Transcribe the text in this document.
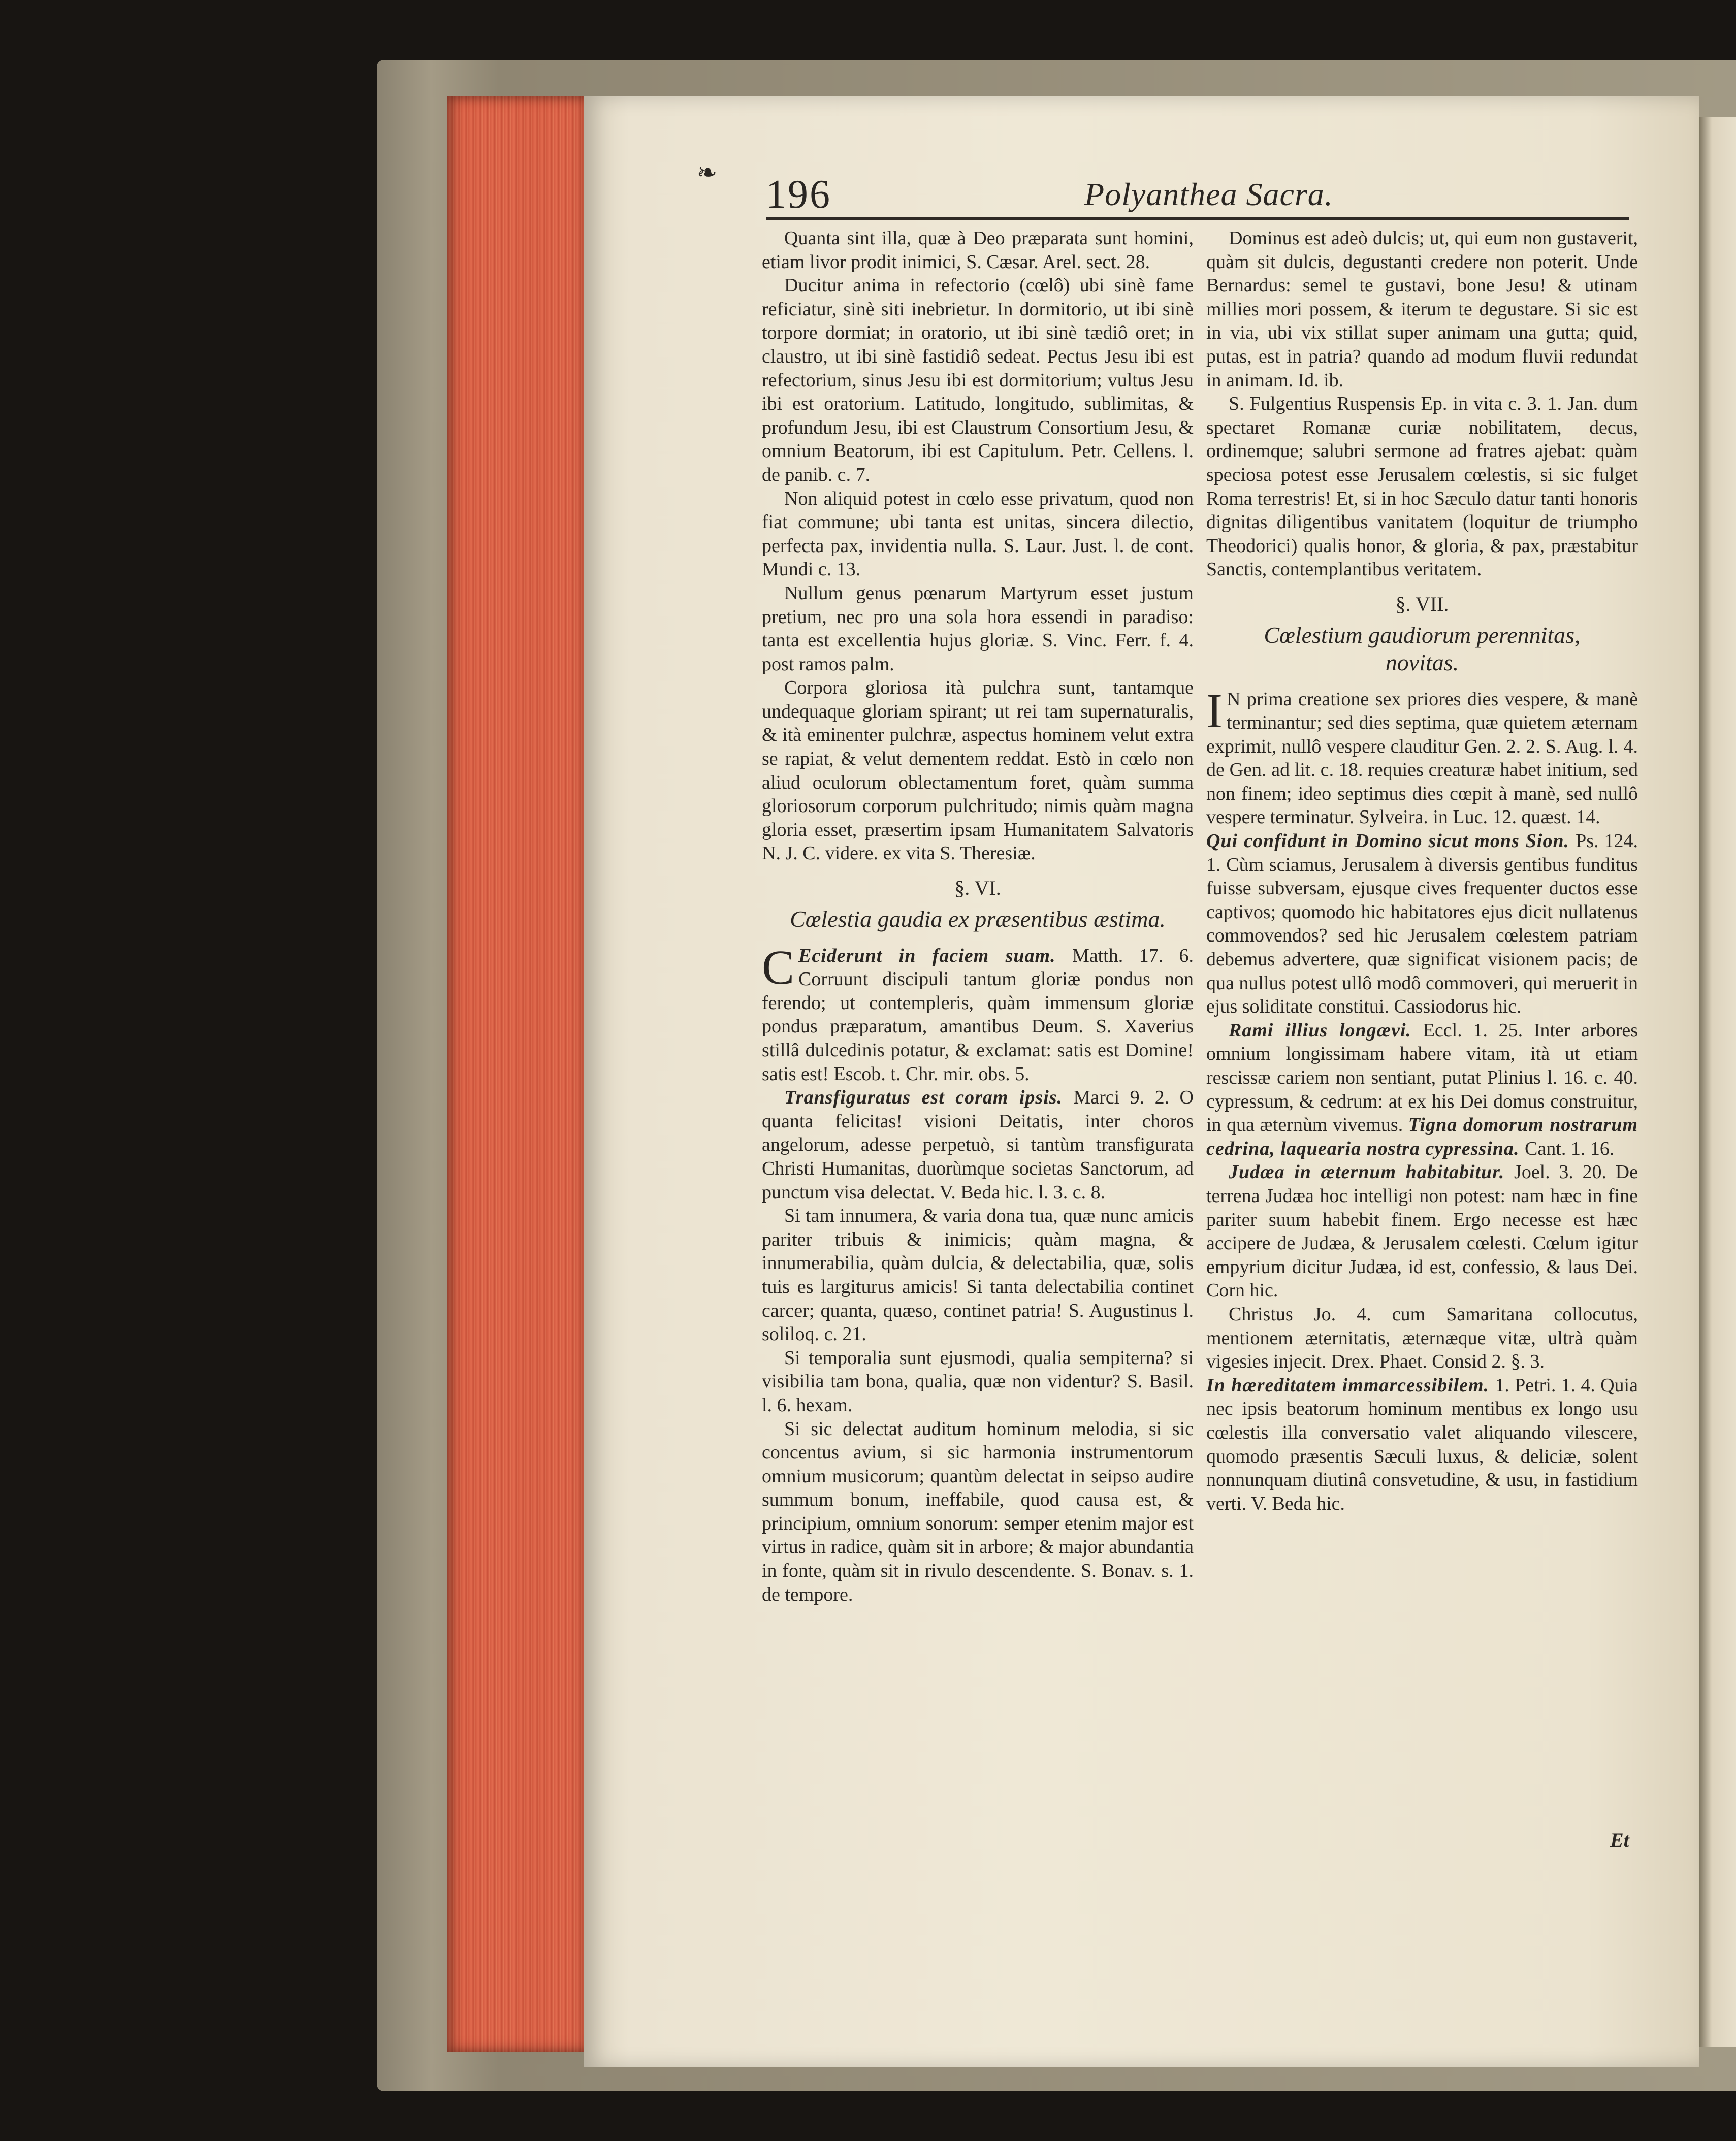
❧ 196	Polyanthea Sacra.

Quanta sint illa, quæ à Deo præparata sunt homini, etiam livor prodit inimici, S. Cæsar. Arel. sect. 28.

Ducitur anima in refectorio (cœlô) ubi sinè fame reficiatur, sinè siti inebrietur. In dormitorio, ut ibi sinè torpore dormiat; in oratorio, ut ibi sinè tædiô oret; in claustro, ut ibi sinè fastidiô sedeat. Pectus Jesu ibi est refectorium, sinus Jesu ibi est dormitorium; vultus Jesu ibi est oratorium. Latitudo, longitudo, sublimitas, & profundum Jesu, ibi est Claustrum Consortium Jesu, & omnium Beatorum, ibi est Capitulum. Petr. Cellens. l. de panib. c. 7.

Non aliquid potest in cœlo esse privatum, quod non fiat commune; ubi tanta est unitas, sincera dilectio, perfecta pax, invidentia nulla. S. Laur. Just. l. de cont. Mundi c. 13.

Nullum genus pœnarum Martyrum esset justum pretium, nec pro una sola hora essendi in paradiso: tanta est excellentia hujus gloriæ. S. Vinc. Ferr. f. 4. post ramos palm.

Corpora gloriosa ità pulchra sunt, tantamque undequaque gloriam spirant; ut rei tam supernaturalis, & ità eminenter pulchræ, aspectus hominem velut extra se rapiat, & velut dementem reddat. Estò in cœlo non aliud oculorum oblectamentum foret, quàm summa gloriosorum corporum pulchritudo; nimis quàm magna gloria esset, præsertim ipsam Humanitatem Salvatoris N. J. C. videre. ex vita S. Theresiæ.

§. VI.
Cœlestia gaudia ex præsentibus æstima.

C Eciderunt in faciem suam. Matth. 17. 6. Corruunt discipuli tantum gloriæ pondus non ferendo; ut contempleris, quàm immensum gloriæ pondus præparatum, amantibus Deum. S. Xaverius stillâ dulcedinis potatur, & exclamat: satis est Domine! satis est! Escob. t. Chr. mir. obs. 5.

Transfiguratus est coram ipsis. Marci 9. 2. O quanta felicitas! visioni Deitatis, inter choros angelorum, adesse perpetuò, si tantùm transfigurata Christi Humanitas, duorùmque societas Sanctorum, ad punctum visa delectat. V. Beda hic. l. 3. c. 8.

Si tam innumera, & varia dona tua, quæ nunc amicis pariter tribuis & inimicis; quàm magna, & innumerabilia, quàm dulcia, & delectabilia, quæ, solis tuis es largiturus amicis! Si tanta delectabilia continet carcer; quanta, quæso, continet patria! S. Augustinus l. soliloq. c. 21.

Si temporalia sunt ejusmodi, qualia sempiterna? si visibilia tam bona, qualia, quæ non videntur? S. Basil. l. 6. hexam.

Si sic delectat auditum hominum melodia, si sic concentus avium, si sic harmonia instrumentorum omnium musicorum; quantùm delectat in seipso audire summum bonum, ineffabile, quod causa est, & principium, omnium sonorum: semper etenim major est virtus in radice, quàm sit in arbore; & major abundantia in fonte, quàm sit in rivulo descendente. S. Bonav. s. 1. de tempore.

Dominus est adeò dulcis; ut, qui eum non gustaverit, quàm sit dulcis, degustanti credere non poterit. Unde Bernardus: semel te gustavi, bone Jesu! & utinam millies mori possem, & iterum te degustare. Si sic est in via, ubi vix stillat super animam una gutta; quid, putas, est in patria? quando ad modum fluvii redundat in animam. Id. ib.

S. Fulgentius Ruspensis Ep. in vita c. 3. 1. Jan. dum spectaret Romanæ curiæ nobilitatem, decus, ordinemque; salubri sermone ad fratres ajebat: quàm speciosa potest esse Jerusalem cœlestis, si sic fulget Roma terrestris! Et, si in hoc Sæculo datur tanti honoris dignitas diligentibus vanitatem (loquitur de triumpho Theodorici) qualis honor, & gloria, & pax, præstabitur Sanctis, contemplantibus veritatem.

§. VII.
Cœlestium gaudiorum perennitas, novitas.

I N prima creatione sex priores dies vespere, & manè terminantur; sed dies septima, quæ quietem æternam exprimit, nullô vespere clauditur Gen. 2. 2. S. Aug. l. 4. de Gen. ad lit. c. 18. requies creaturæ habet initium, sed non finem; ideo septimus dies cœpit à manè, sed nullô vespere terminatur. Sylveira. in Luc. 12. quæst. 14.

Qui confidunt in Domino sicut mons Sion. Ps. 124. 1. Cùm sciamus, Jerusalem à diversis gentibus funditus fuisse subversam, ejusque cives frequenter ductos esse captivos; quomodo hic habitatores ejus dicit nullatenus commovendos? sed hic Jerusalem cœlestem patriam debemus advertere, quæ significat visionem pacis; de qua nullus potest ullô modô commoveri, qui meruerit in ejus soliditate constitui. Cassiodorus hic.

Rami illius longævi. Eccl. 1. 25. Inter arbores omnium longissimam habere vitam, ità ut etiam rescissæ cariem non sentiant, putat Plinius l. 16. c. 40. cypressum, & cedrum: at ex his Dei domus construitur, in qua æternùm vivemus. Tigna domorum nostrarum cedrina, laquearia nostra cypressina. Cant. 1. 16.

Judæa in æternum habitabitur. Joel. 3. 20. De terrena Judæa hoc intelligi non potest: nam hæc in fine pariter suum habebit finem. Ergo necesse est hæc accipere de Judæa, & Jerusalem cœlesti. Cœlum igitur empyrium dicitur Judæa, id est, confessio, & laus Dei. Corn hic.

Christus Jo. 4. cum Samaritana collocutus, mentionem æternitatis, æternæque vitæ, ultrà quàm vigesies injecit. Drex. Phaet. Consid 2. §. 3.

In hæreditatem immarcessibilem. 1. Petri. 1. 4. Quia nec ipsis beatorum hominum mentibus ex longo usu cœlestis illa conversatio valet aliquando vilescere, quomodo præsentis Sæculi luxus, & deliciæ, solent nonnunquam diutinâ consvetudine, & usu, in fastidium verti. V. Beda hic.

Et
